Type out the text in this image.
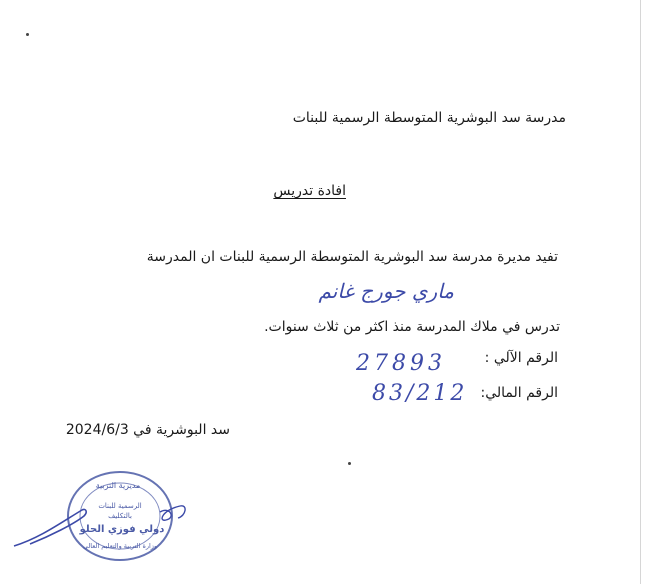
مدرسة سد البوشرية المتوسطة الرسمية للبنات
افادة تدريس
تفيد مديرة مدرسة سد البوشرية المتوسطة الرسمية للبنات ان المدرسة
ماري جورج غانم
تدرس في ملاك المدرسة منذ اكثر من ثلاث سنوات.
الرقم الآلي :
27893
الرقم المالي:
83/212
سد البوشرية في 2024/6/3
مديرية التربية
الرسمية للبنات
بالتكليف
دولي فوزي الحلو
وزارة التربية والتعليم العالي
